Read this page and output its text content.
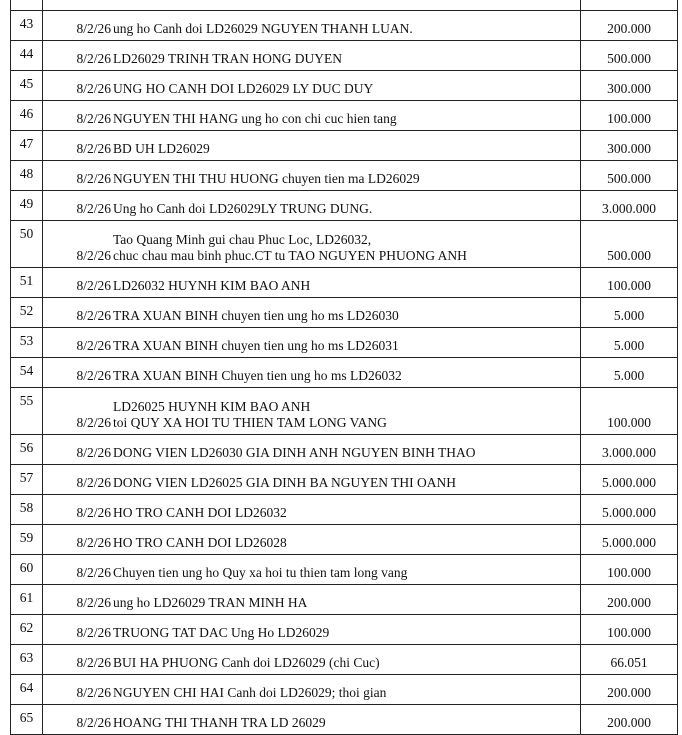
43	8/2/26	ung ho Canh doi LD26029 NGUYEN THANH LUAN.	200.000
44	8/2/26	LD26029 TRINH TRAN HONG DUYEN	500.000
45	8/2/26	UNG HO CANH DOI LD26029 LY DUC DUY	300.000
46	8/2/26	NGUYEN THI HANG ung ho con chi cuc hien tang	100.000
47	8/2/26	BD UH LD26029	300.000
48	8/2/26	NGUYEN THI THU HUONG chuyen tien ma LD26029	500.000
49	8/2/26	Ung ho Canh doi LD26029LY TRUNG DUNG.	3.000.000
50	8/2/26	Tao Quang Minh gui chau Phuc Loc, LD26032,
chuc chau mau binh phuc.CT tu TAO NGUYEN PHUONG ANH	500.000
51	8/2/26	LD26032 HUYNH KIM BAO ANH	100.000
52	8/2/26	TRA XUAN BINH chuyen tien ung ho ms LD26030	5.000
53	8/2/26	TRA XUAN BINH chuyen tien ung ho ms LD26031	5.000
54	8/2/26	TRA XUAN BINH Chuyen tien ung ho ms LD26032	5.000
55	8/2/26	LD26025 HUYNH KIM BAO ANH
toi QUY XA HOI TU THIEN TAM LONG VANG	100.000
56	8/2/26	DONG VIEN LD26030 GIA DINH ANH NGUYEN BINH THAO	3.000.000
57	8/2/26	DONG VIEN LD26025 GIA DINH BA NGUYEN THI OANH	5.000.000
58	8/2/26	HO TRO CANH DOI LD26032	5.000.000
59	8/2/26	HO TRO CANH DOI LD26028	5.000.000
60	8/2/26	Chuyen tien ung ho Quy xa hoi tu thien tam long vang	100.000
61	8/2/26	ung ho LD26029 TRAN MINH HA	200.000
62	8/2/26	TRUONG TAT DAC Ung Ho LD26029	100.000
63	8/2/26	BUI HA PHUONG Canh doi LD26029 (chi Cuc)	66.051
64	8/2/26	NGUYEN CHI HAI Canh doi LD26029; thoi gian	200.000
65	8/2/26	HOANG THI THANH TRA LD 26029	200.000
